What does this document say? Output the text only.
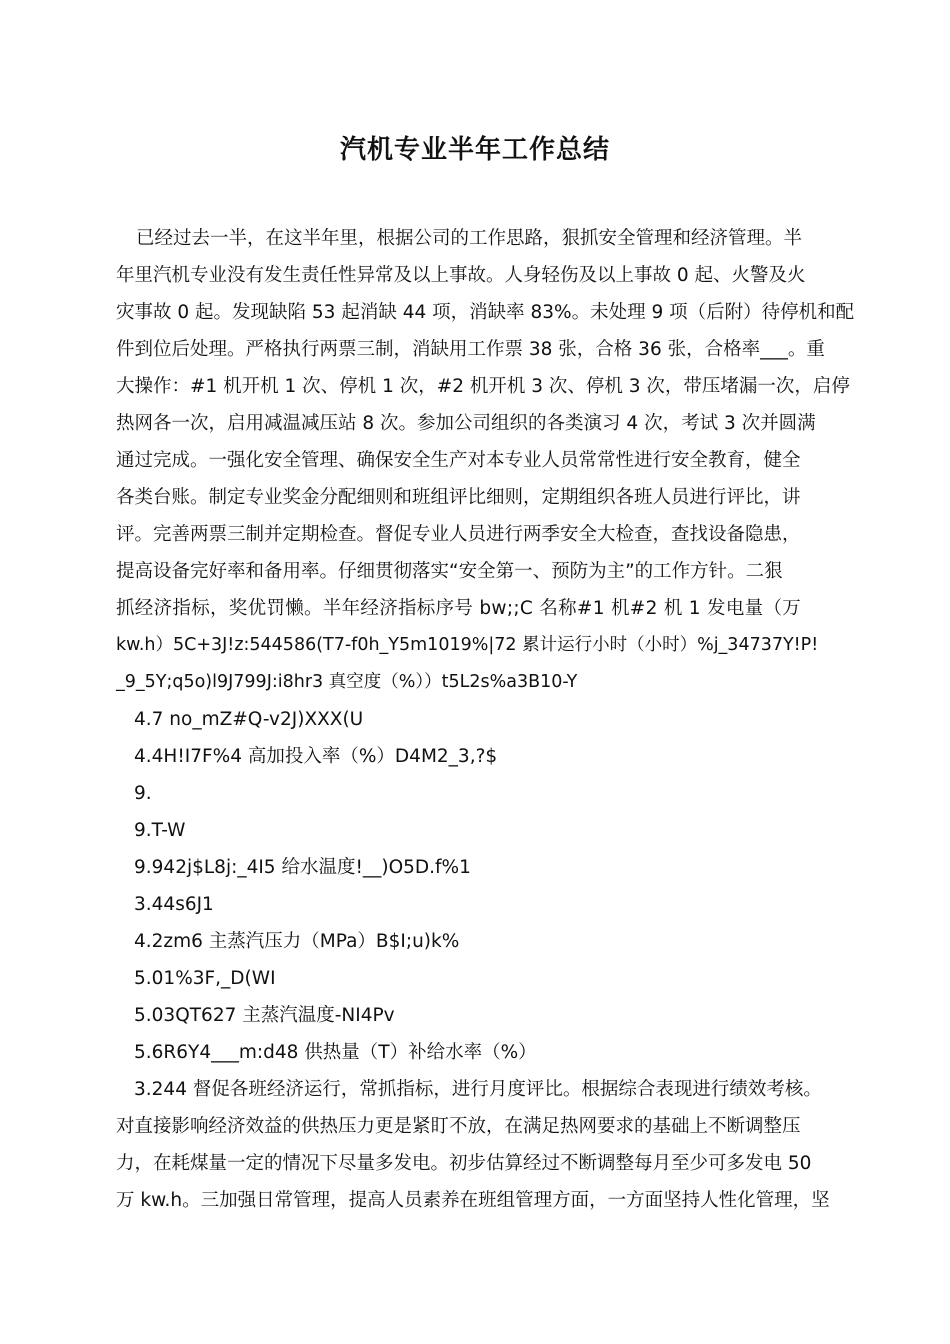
汽机专业半年工作总结
已经过去一半，在这半年里，根据公司的工作思路，狠抓安全管理和经济管理。半
年里汽机专业没有发生责任性异常及以上事故。人身轻伤及以上事故 0 起、火警及火
灾事故 0 起。发现缺陷 53 起消缺 44 项，消缺率 83%。未处理 9 项（后附）待停机和配
件到位后处理。严格执行两票三制，消缺用工作票 38 张，合格 36 张，合格率___。重
大操作：#1 机开机 1 次、停机 1 次，#2 机开机 3 次、停机 3 次，带压堵漏一次，启停
热网各一次，启用减温减压站 8 次。参加公司组织的各类演习 4 次，考试 3 次并圆满
通过完成。一强化安全管理、确保安全生产对本专业人员常常性进行安全教育，健全
各类台账。制定专业奖金分配细则和班组评比细则，定期组织各班人员进行评比，讲
评。完善两票三制并定期检查。督促专业人员进行两季安全大检查，查找设备隐患，
提高设备完好率和备用率。仔细贯彻落实“安全第一、预防为主”的工作方针。二狠
抓经济指标，奖优罚懒。半年经济指标序号 bw;;C 名称#1 机#2 机 1 发电量（万
kw.h）5C+3J!z:544586(T7-f0h_Y5m1019%|72 累计运行小时（小时）%j_34737Y!P!
_9_5Y;q5o)l9J799J:i8hr3 真空度（%））t5L2s%a3B10-Y
4.7 no_mZ#Q-v2J)XXX(U
4.4H!I7F%4 高加投入率（%）D4M2_3,?$
9.
9.T-W
9.942j$L8j:_4I5 给水温度!__)O5D.f%1
3.44s6J1
4.2zm6 主蒸汽压力（MPa）B$I;u)k%
5.01%3F,_D(WI
5.03QT627 主蒸汽温度-NI4Pv
5.6R6Y4___m:d48 供热量（T）补给水率（%）
3.244 督促各班经济运行，常抓指标，进行月度评比。根据综合表现进行绩效考核。
对直接影响经济效益的供热压力更是紧盯不放，在满足热网要求的基础上不断调整压
力，在耗煤量一定的情况下尽量多发电。初步估算经过不断调整每月至少可多发电 50
万 kw.h。三加强日常管理，提高人员素养在班组管理方面，一方面坚持人性化管理，坚
